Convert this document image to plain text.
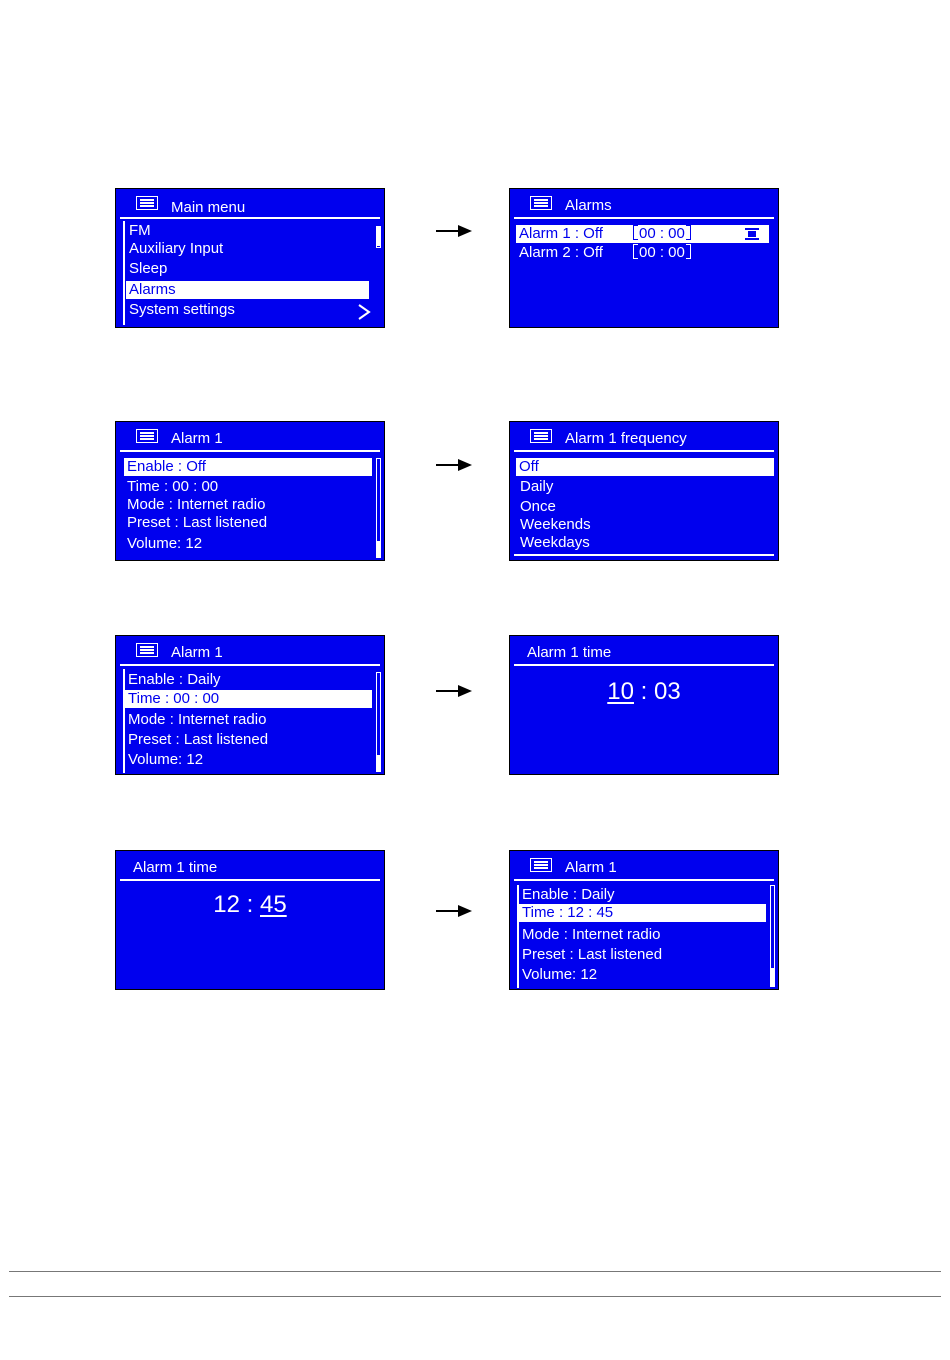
Main menu
FM
Auxiliary Input
Sleep
Alarms
System settings
Alarms
Alarm 1 : Off	00 : 00
Alarm 2 : Off	00 : 00
Alarm 1
Enable : Off
Time : 00 : 00
Mode : Internet radio
Preset : Last listened
Volume: 12
Alarm 1 frequency
Off
Daily
Once
Weekends
Weekdays
Alarm 1
Enable : Daily
Time : 00 : 00
Mode : Internet radio
Preset : Last listened
Volume: 12
Alarm 1 time
10 : 03
Alarm 1 time
12 : 45
Alarm 1
Enable : Daily
Time : 12 : 45
Mode : Internet radio
Preset : Last listened
Volume: 12
